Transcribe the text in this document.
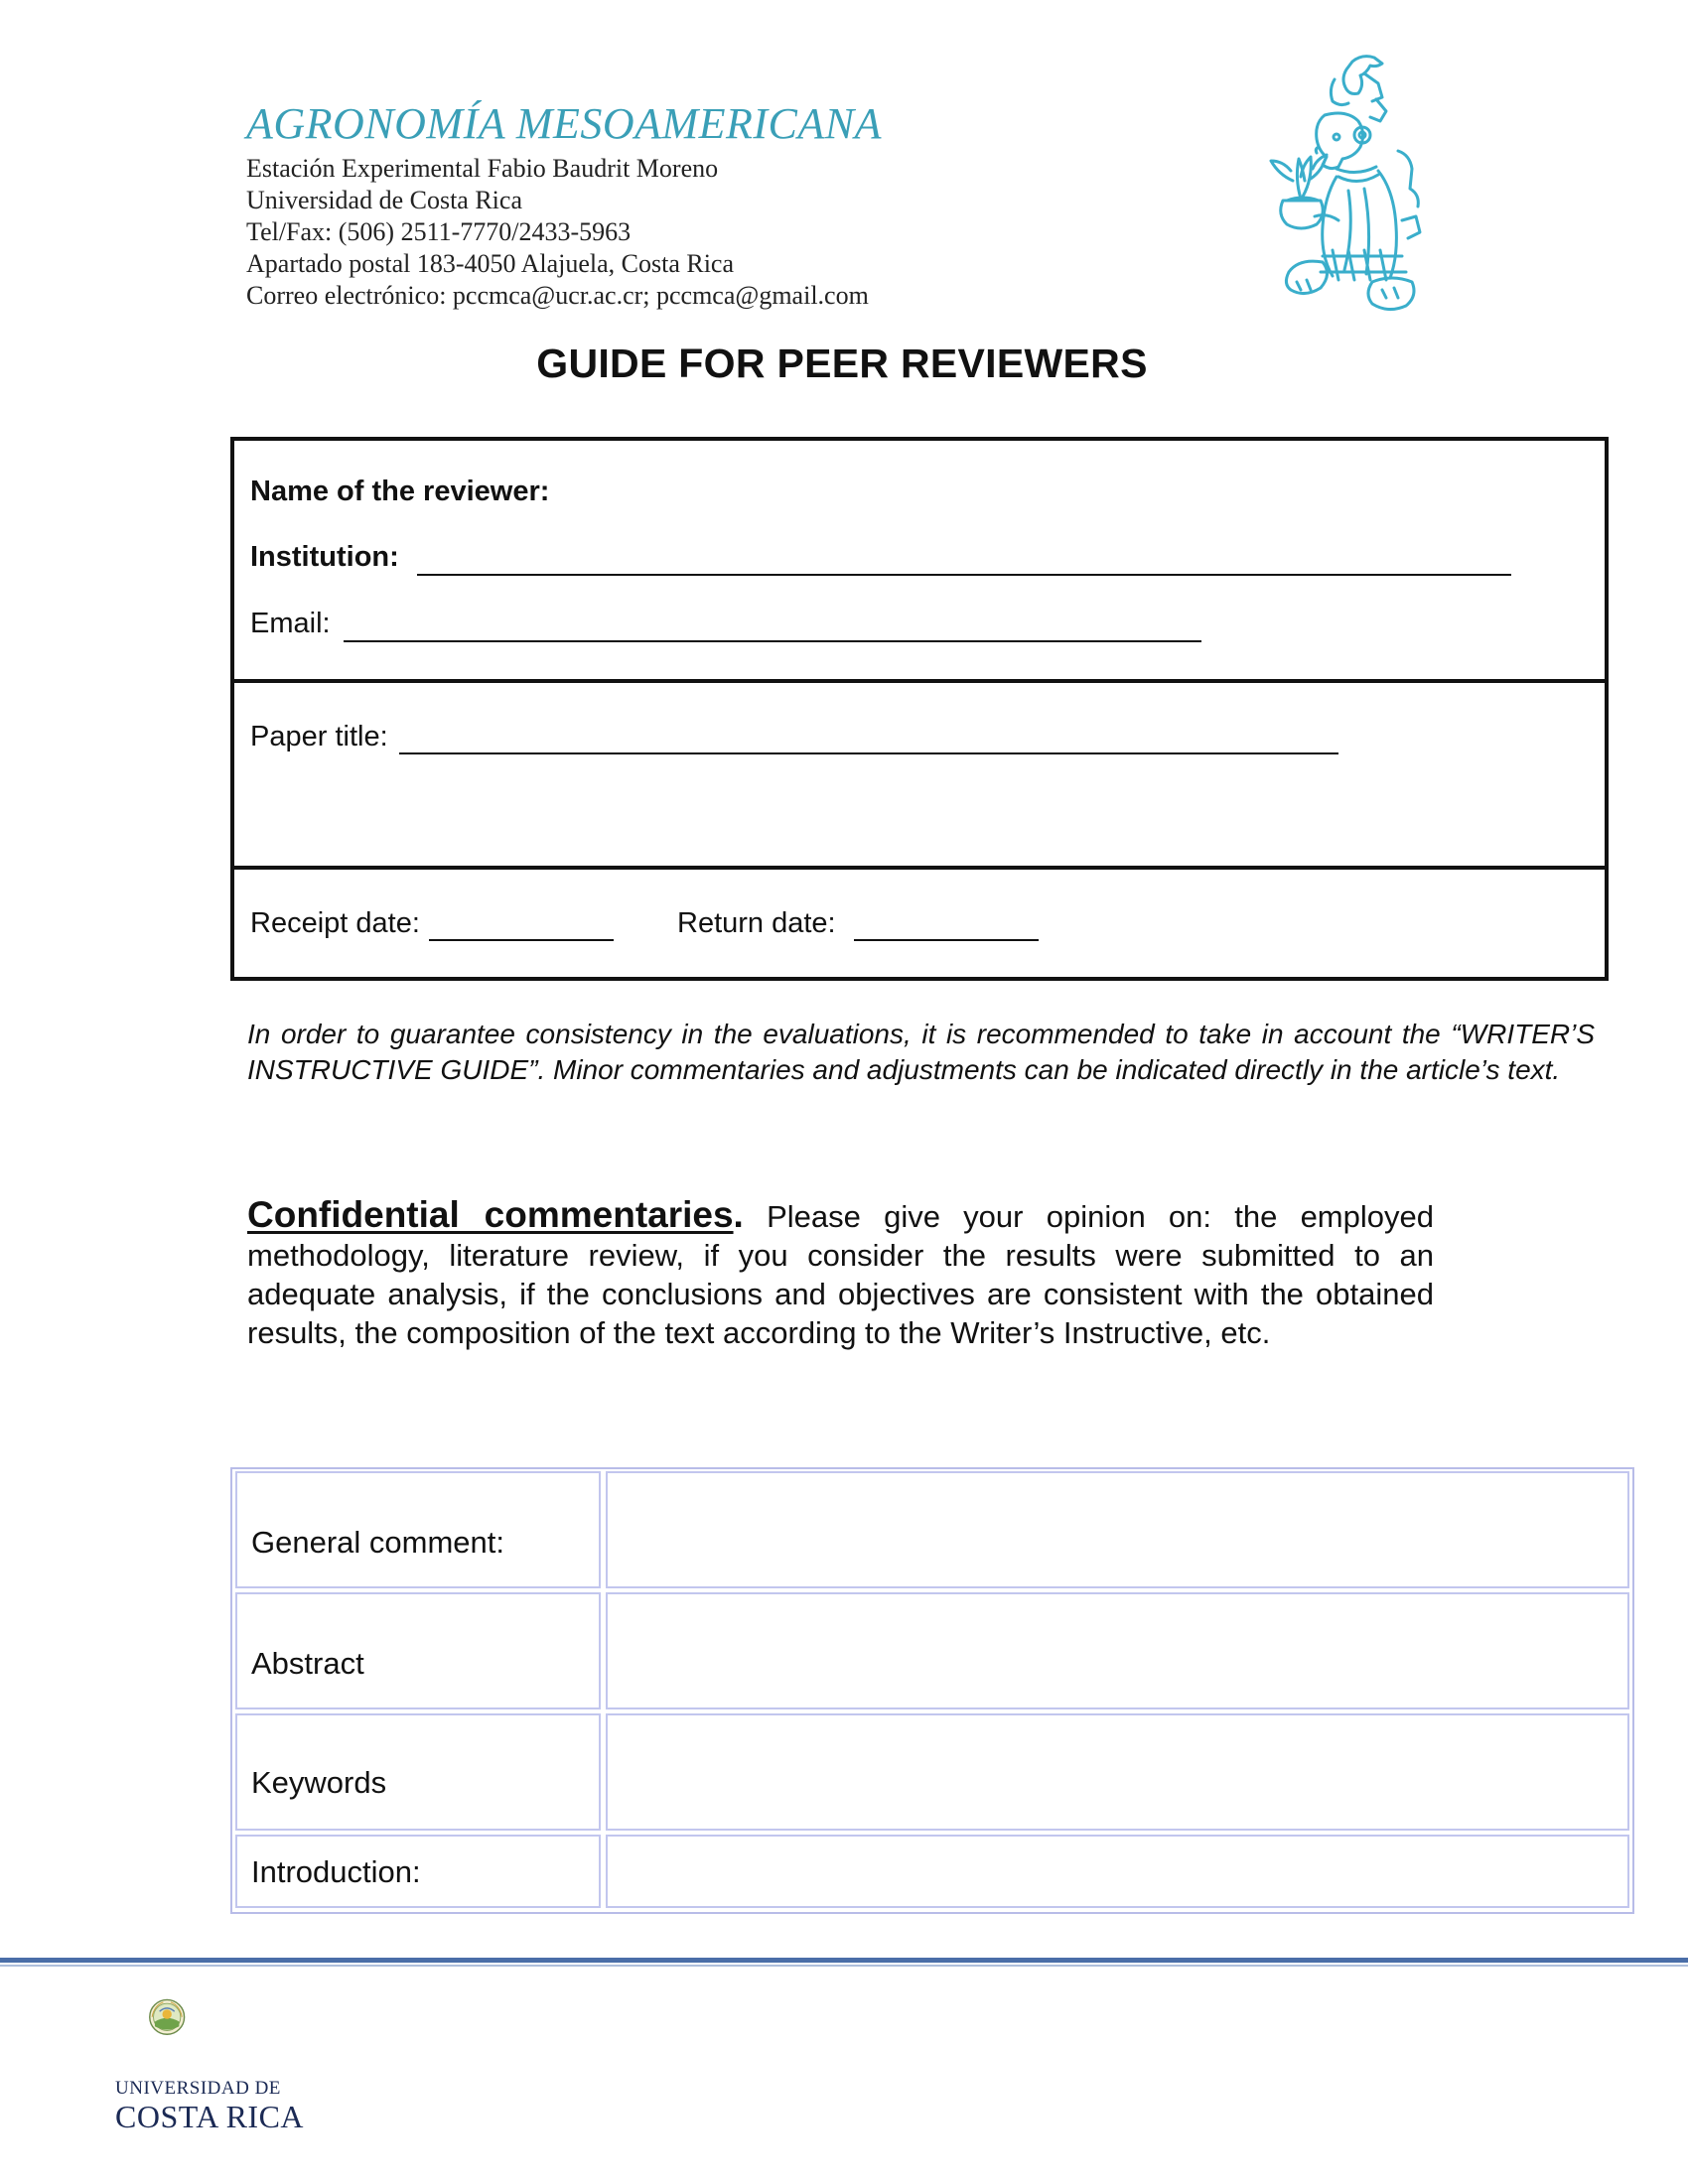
AGRONOMÍA MESOAMERICANA
Estación Experimental Fabio Baudrit Moreno
Universidad de Costa Rica
Tel/Fax: (506) 2511-7770/2433-5963
Apartado postal 183-4050 Alajuela, Costa Rica
Correo electrónico: pccmca@ucr.ac.cr; pccmca@gmail.com
GUIDE FOR PEER REVIEWERS
Name of the reviewer:
Institution:
Email:
Paper title:
Receipt date:	Return date:
In order to guarantee consistency in the evaluations, it is recommended to take in account the “WRITER’S INSTRUCTIVE GUIDE”. Minor commentaries and adjustments can be indicated directly in the article’s text.
Confidential commentaries. Please give your opinion on: the employed methodology, literature review, if you consider the results were submitted to an adequate analysis, if the conclusions and objectives are consistent with the obtained results, the composition of the text according to the Writer’s Instructive, etc.
General comment:
Abstract
Keywords
Introduction:
UNIVERSIDAD DE
COSTA RICA
